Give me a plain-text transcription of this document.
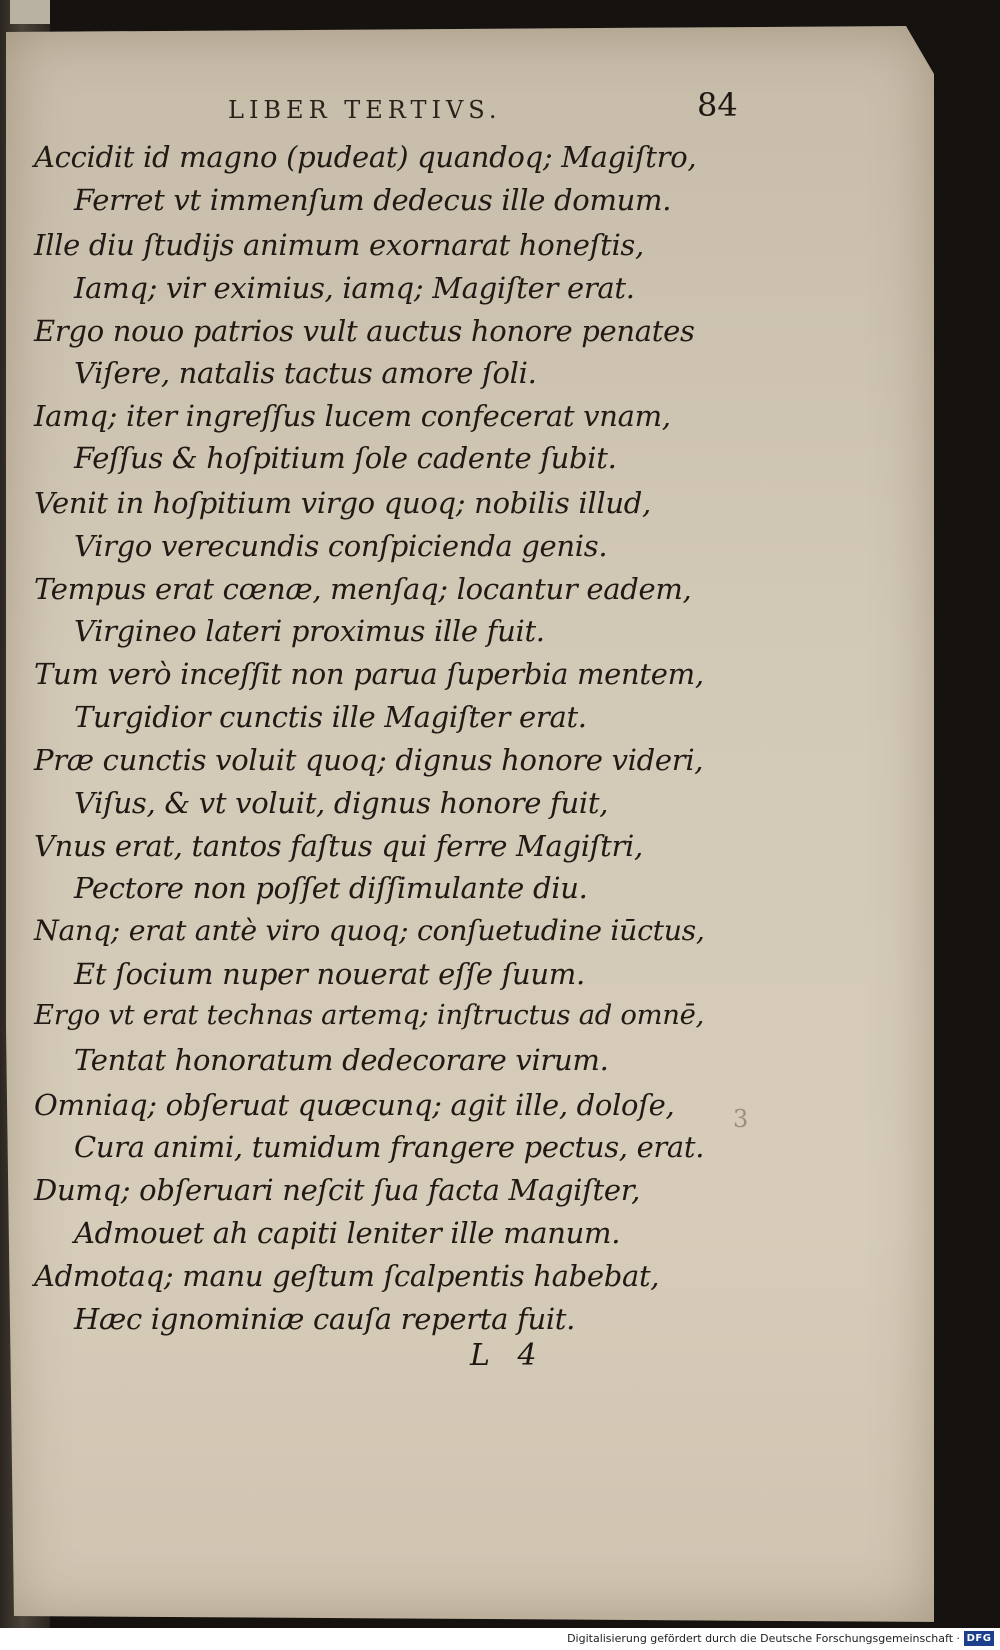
LIBER TERTIVS.	84
Accidit id magno (pudeat) quandoq; Magiſtro,
Ferret vt immenſum dedecus ille domum.
Ille diu ſtudijs animum exornarat honeſtis,
Iamq; vir eximius, iamq; Magiſter erat.
Ergo nouo patrios vult auctus honore penates
Viſere, natalis tactus amore ſoli.
Iamq; iter ingreſſus lucem confecerat vnam,
Feſſus & hoſpitium ſole cadente ſubit.
Venit in hoſpitium virgo quoq; nobilis illud,
Virgo verecundis conſpicienda genis.
Tempus erat cœnæ, menſaq; locantur eadem,
Virgineo lateri proximus ille fuit.
Tum verò inceſſit non parua ſuperbia mentem,
Turgidior cunctis ille Magiſter erat.
Præ cunctis voluit quoq; dignus honore videri,
Viſus, & vt voluit, dignus honore fuit,
Vnus erat, tantos faſtus qui ferre Magiſtri,
Pectore non poſſet diſſimulante diu.
Nanq; erat antè viro quoq; conſuetudine iūctus,
Et ſocium nuper nouerat eſſe ſuum.
Ergo vt erat technas artemq; inſtructus ad omnē,
Tentat honoratum dedecorare virum.
Omniaq; obſeruat quæcunq; agit ille, doloſe,
Cura animi, tumidum frangere pectus, erat.
Dumq; obſeruari neſcit ſua facta Magiſter,
Admouet ah capiti leniter ille manum.
Admotaq; manu geſtum ſcalpentis habebat,
Hæc ignominiæ cauſa reperta fuit.
3
L 4
Digitalisierung gefördert durch die Deutsche Forschungsgemeinschaft · DFG
